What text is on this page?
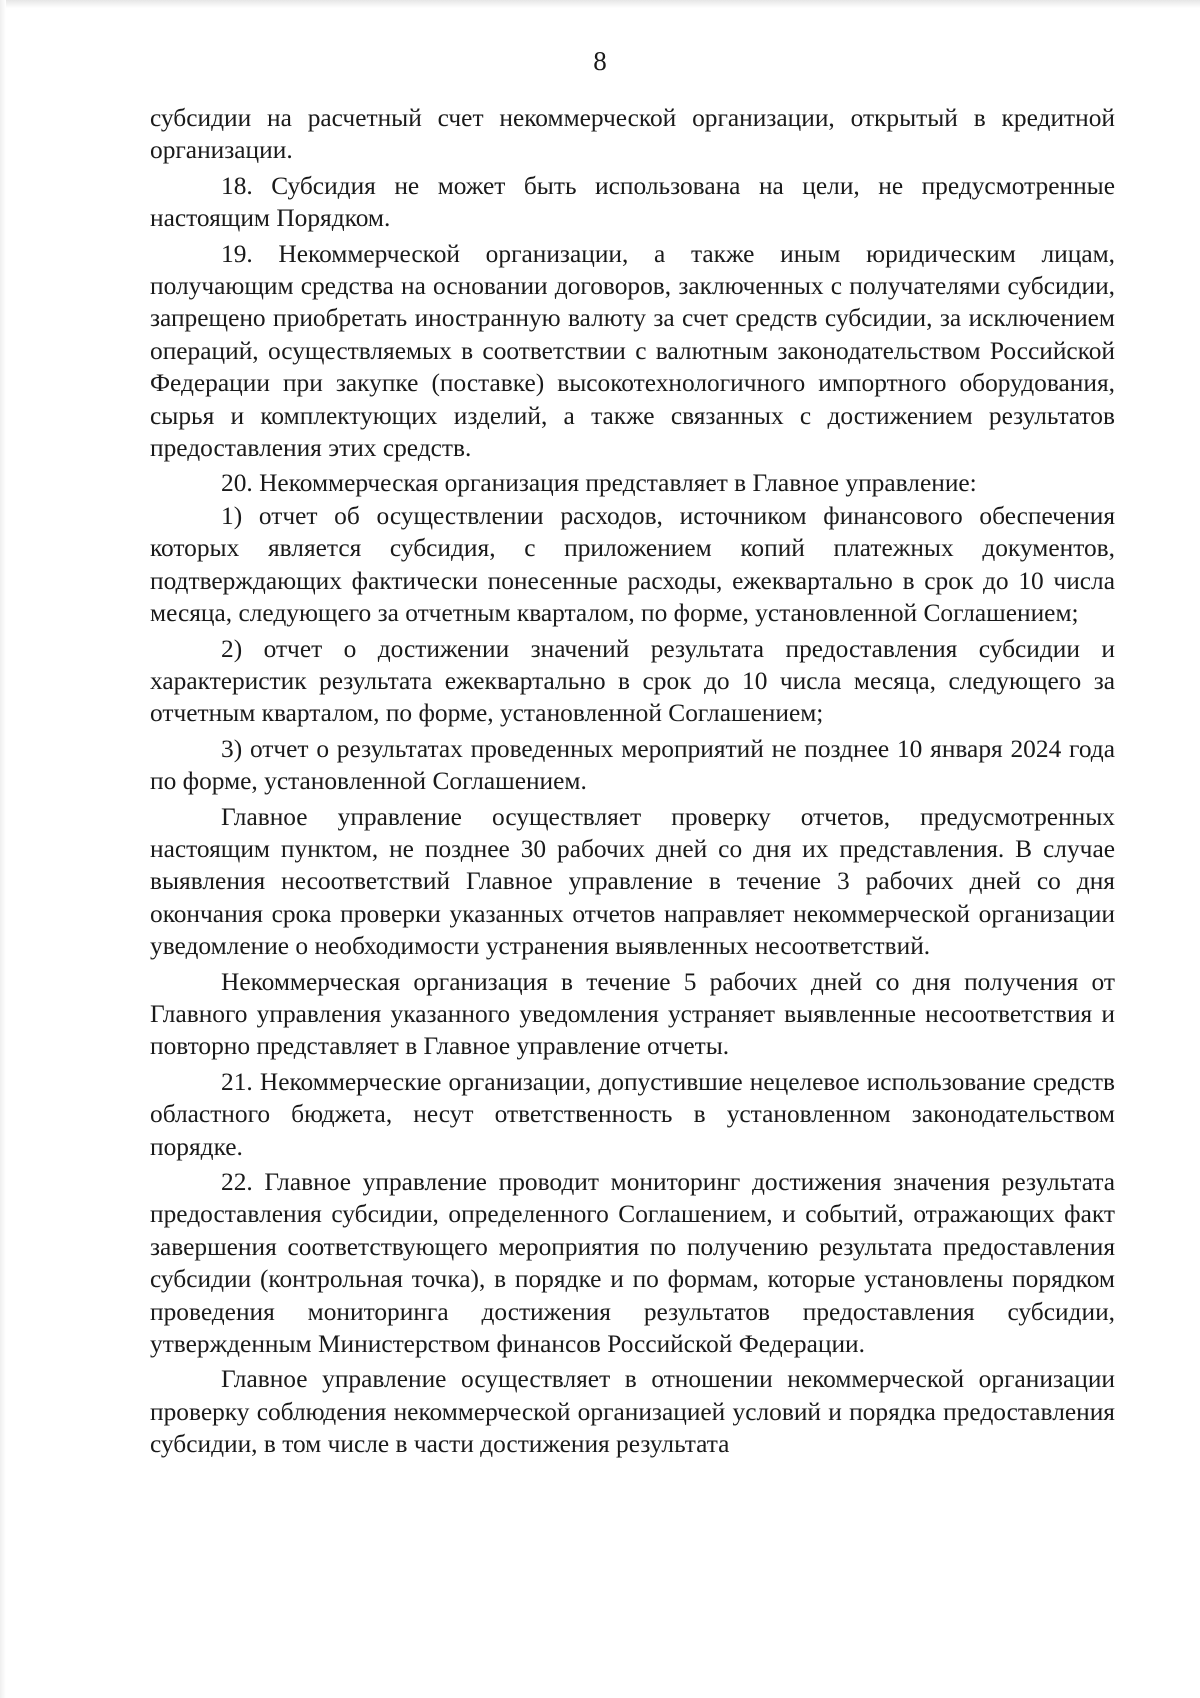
8

субсидии на расчетный счет некоммерческой организации, открытый в кредитной организации.

18. Субсидия не может быть использована на цели, не предусмотренные настоящим Порядком.

19. Некоммерческой организации, а также иным юридическим лицам, получающим средства на основании договоров, заключенных с получателями субсидии, запрещено приобретать иностранную валюту за счет средств субсидии, за исключением операций, осуществляемых в соответствии с валютным законодательством Российской Федерации при закупке (поставке) высокотехнологичного импортного оборудования, сырья и комплектующих изделий, а также связанных с достижением результатов предоставления этих средств.

20. Некоммерческая организация представляет в Главное управление:

1) отчет об осуществлении расходов, источником финансового обеспечения которых является субсидия, с приложением копий платежных документов, подтверждающих фактически понесенные расходы, ежеквартально в срок до 10 числа месяца, следующего за отчетным кварталом, по форме, установленной Соглашением;

2) отчет о достижении значений результата предоставления субсидии и характеристик результата ежеквартально в срок до 10 числа месяца, следующего за отчетным кварталом, по форме, установленной Соглашением;

3) отчет о результатах проведенных мероприятий не позднее 10 января 2024 года по форме, установленной Соглашением.

Главное управление осуществляет проверку отчетов, предусмотренных настоящим пунктом, не позднее 30 рабочих дней со дня их представления. В случае выявления несоответствий Главное управление в течение 3 рабочих дней со дня окончания срока проверки указанных отчетов направляет некоммерческой организации уведомление о необходимости устранения выявленных несоответствий.

Некоммерческая организация в течение 5 рабочих дней со дня получения от Главного управления указанного уведомления устраняет выявленные несоответствия и повторно представляет в Главное управление отчеты.

21. Некоммерческие организации, допустившие нецелевое использование средств областного бюджета, несут ответственность в установленном законодательством порядке.

22. Главное управление проводит мониторинг достижения значения результата предоставления субсидии, определенного Соглашением, и событий, отражающих факт завершения соответствующего мероприятия по получению результата предоставления субсидии (контрольная точка), в порядке и по формам, которые установлены порядком проведения мониторинга достижения результатов предоставления субсидии, утвержденным Министерством финансов Российской Федерации.

Главное управление осуществляет в отношении некоммерческой организации проверку соблюдения некоммерческой организацией условий и порядка предоставления субсидии, в том числе в части достижения результата
